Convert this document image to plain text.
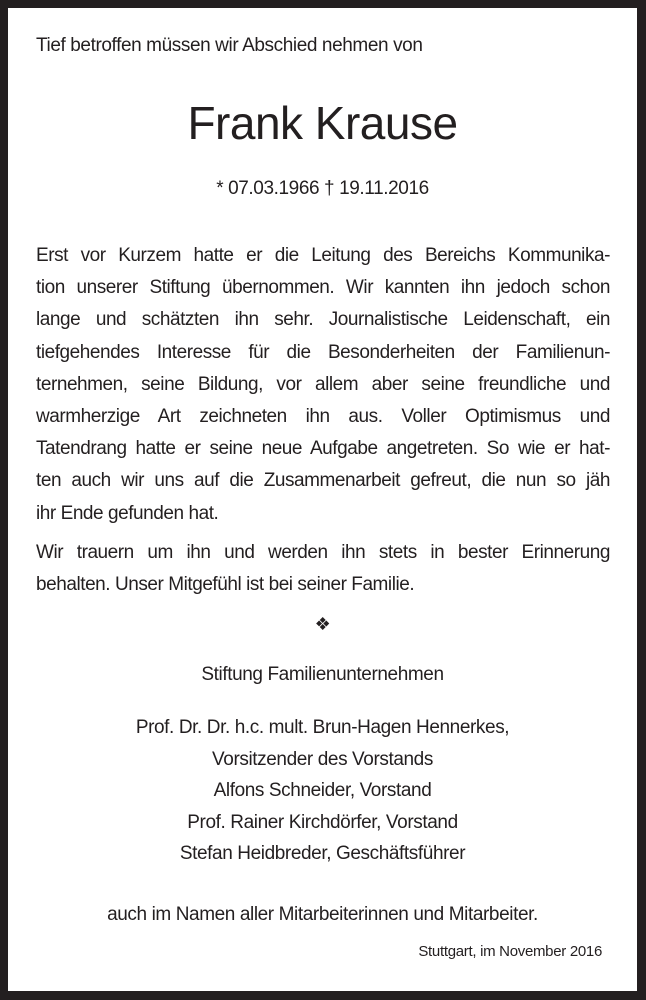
Tief betroffen müssen wir Abschied nehmen von
Frank Krause
* 07.03.1966 † 19.11.2016
Erst vor Kurzem hatte er die Leitung des Bereichs Kommunika-
tion unserer Stiftung übernommen. Wir kannten ihn jedoch schon
lange und schätzten ihn sehr. Journalistische Leidenschaft, ein
tiefgehendes Interesse für die Besonderheiten der Familienun-
ternehmen, seine Bildung, vor allem aber seine freundliche und
warmherzige Art zeichneten ihn aus. Voller Optimismus und
Tatendrang hatte er seine neue Aufgabe angetreten. So wie er hat-
ten auch wir uns auf die Zusammenarbeit gefreut, die nun so jäh
ihr Ende gefunden hat.
Wir trauern um ihn und werden ihn stets in bester Erinnerung
behalten. Unser Mitgefühl ist bei seiner Familie.
❖
Stiftung Familienunternehmen
Prof. Dr. Dr. h.c. mult. Brun-Hagen Hennerkes,
Vorsitzender des Vorstands
Alfons Schneider, Vorstand
Prof. Rainer Kirchdörfer, Vorstand
Stefan Heidbreder, Geschäftsführer
auch im Namen aller Mitarbeiterinnen und Mitarbeiter.
Stuttgart, im November 2016
